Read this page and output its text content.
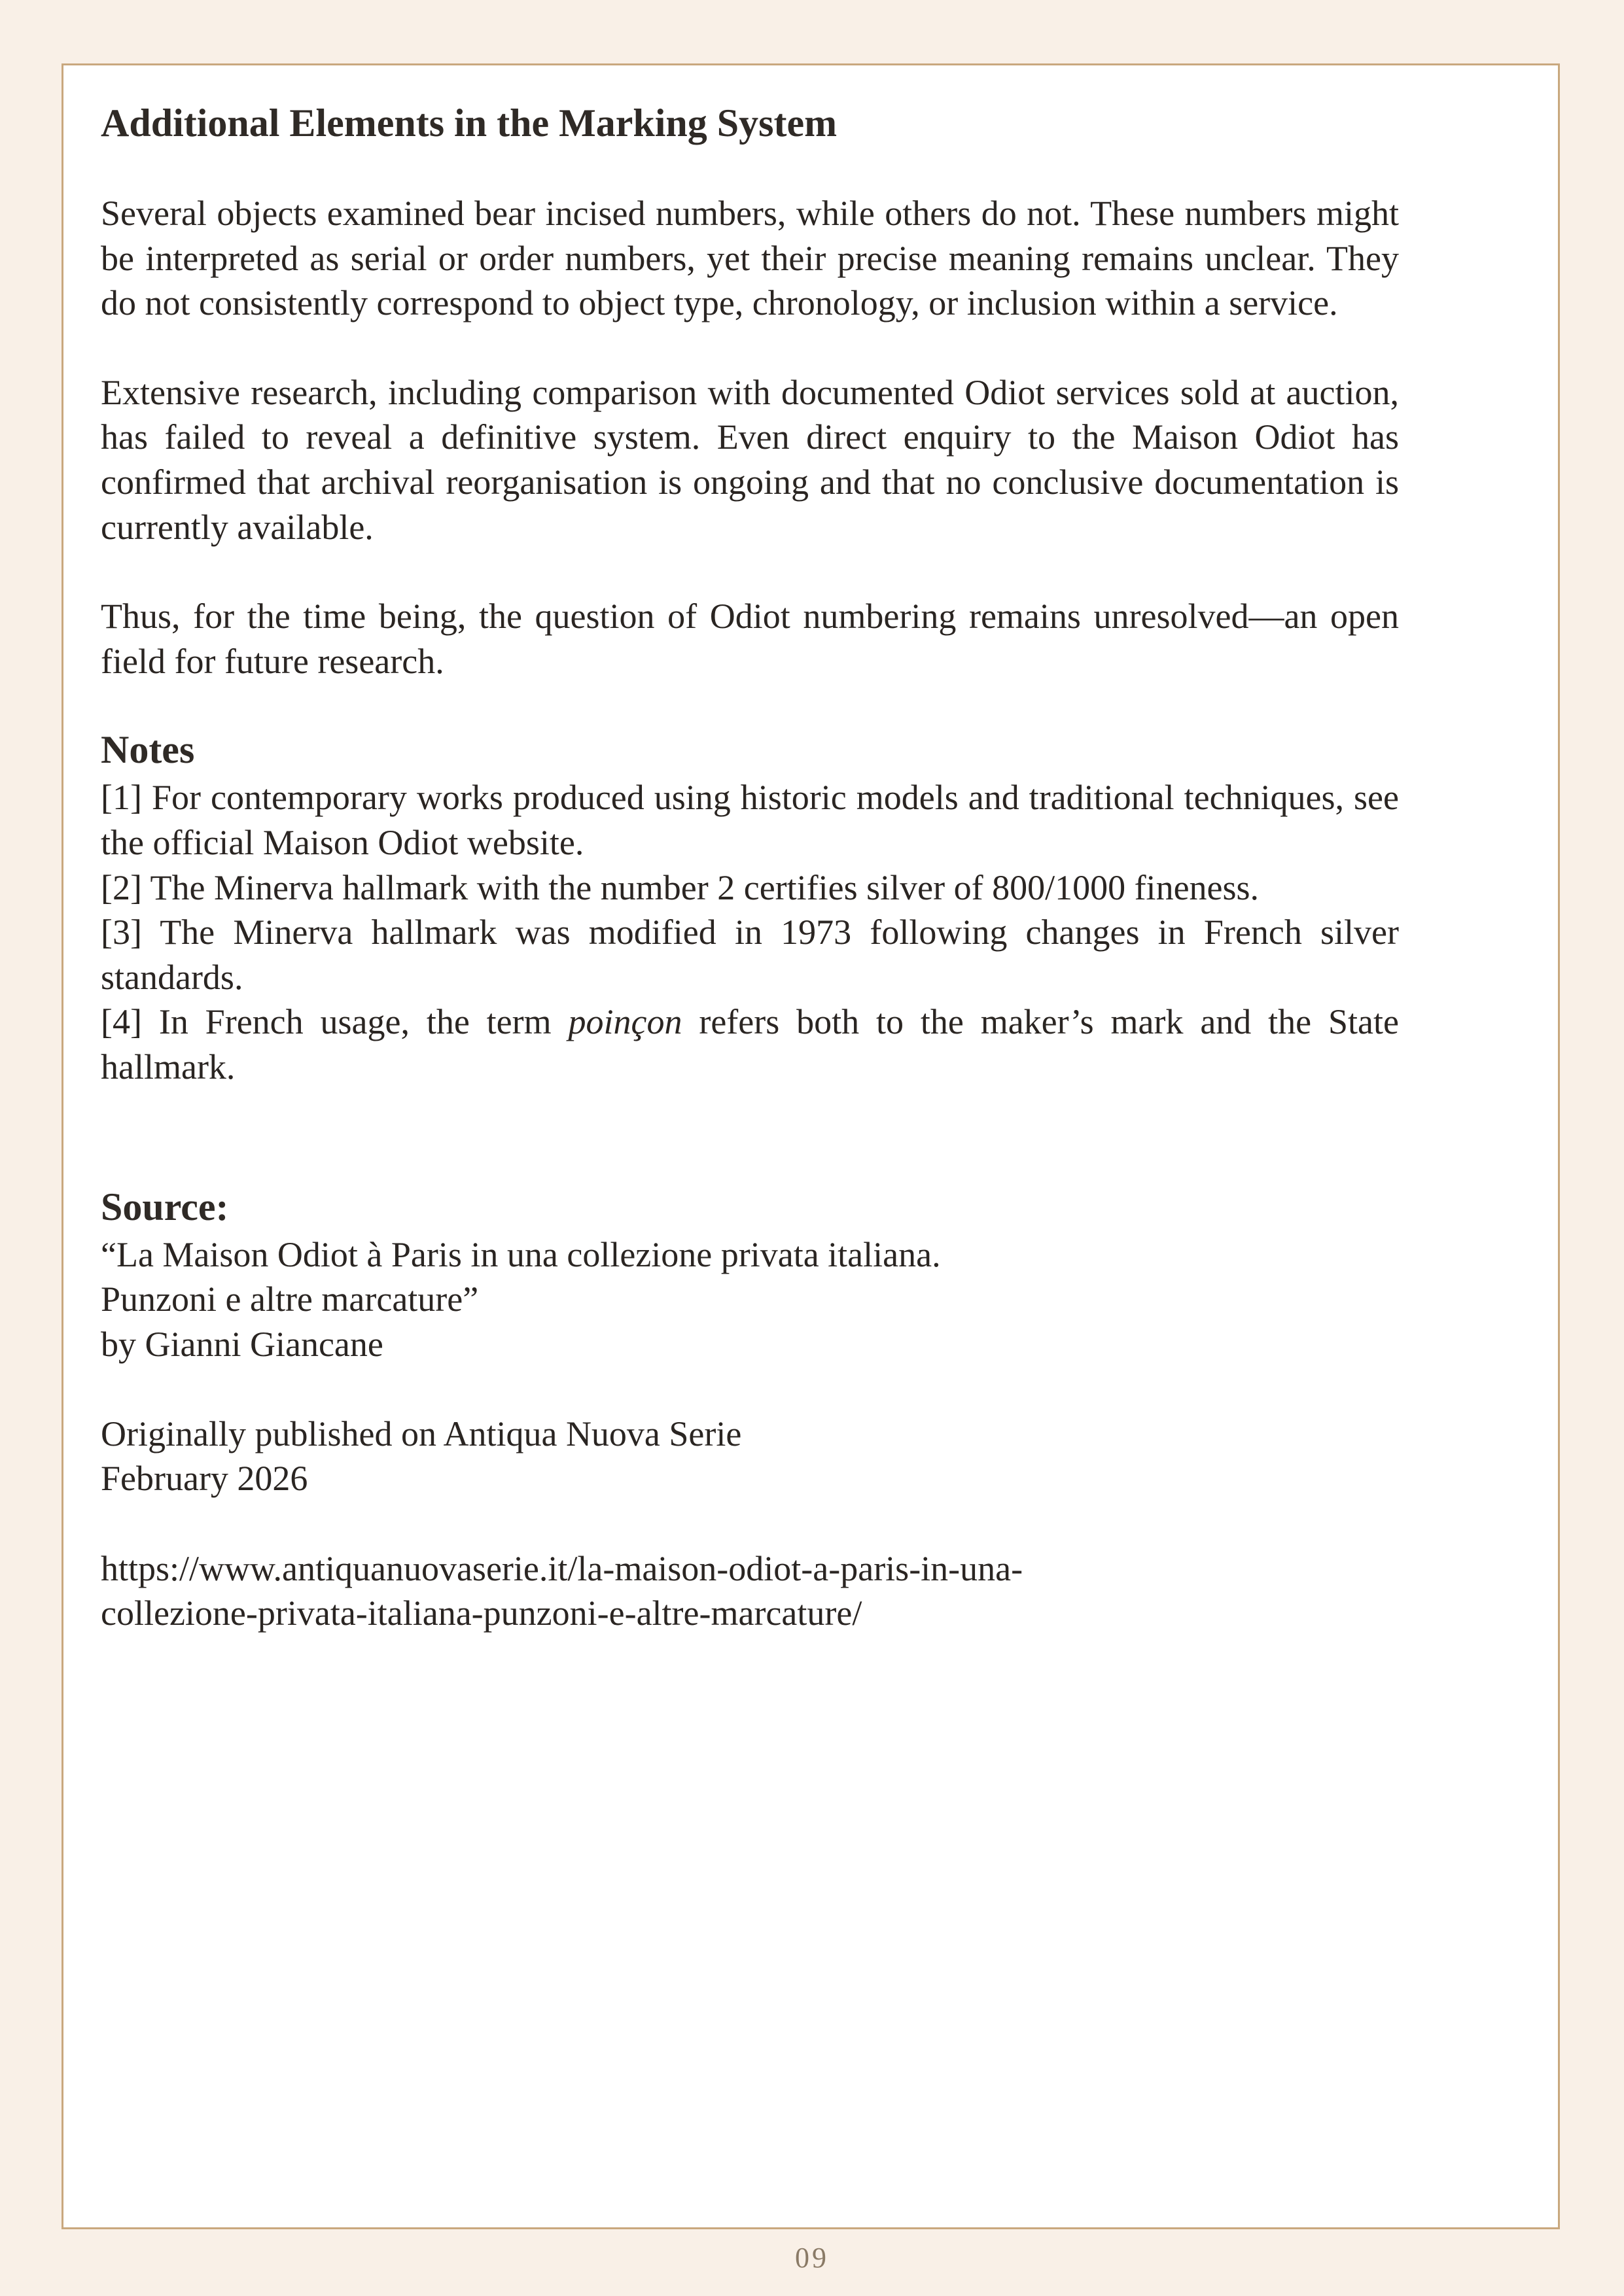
Additional Elements in the Marking System

Several objects examined bear incised numbers, while others do not. These numbers might be interpreted as serial or order numbers, yet their precise meaning remains unclear. They do not consistently correspond to object type, chronology, or inclusion within a service.

Extensive research, including comparison with documented Odiot services sold at auction, has failed to reveal a definitive system. Even direct enquiry to the Maison Odiot has confirmed that archival reorganisation is ongoing and that no conclusive documentation is currently available.

Thus, for the time being, the question of Odiot numbering remains unresolved—an open field for future research.

Notes

[1] For contemporary works produced using historic models and traditional techniques, see the official Maison Odiot website.

[2] The Minerva hallmark with the number 2 certifies silver of 800/1000 fineness.

[3] The Minerva hallmark was modified in 1973 following changes in French silver standards.

[4] In French usage, the term poinçon refers both to the maker’s mark and the State hallmark.

Source:

“La Maison Odiot à Paris in una collezione privata italiana.

Punzoni e altre marcature”

by Gianni Giancane

Originally published on Antiqua Nuova Serie

February 2026

https://www.antiquanuovaserie.it/la-maison-odiot-a-paris-in-una-

collezione-privata-italiana-punzoni-e-altre-marcature/

09
